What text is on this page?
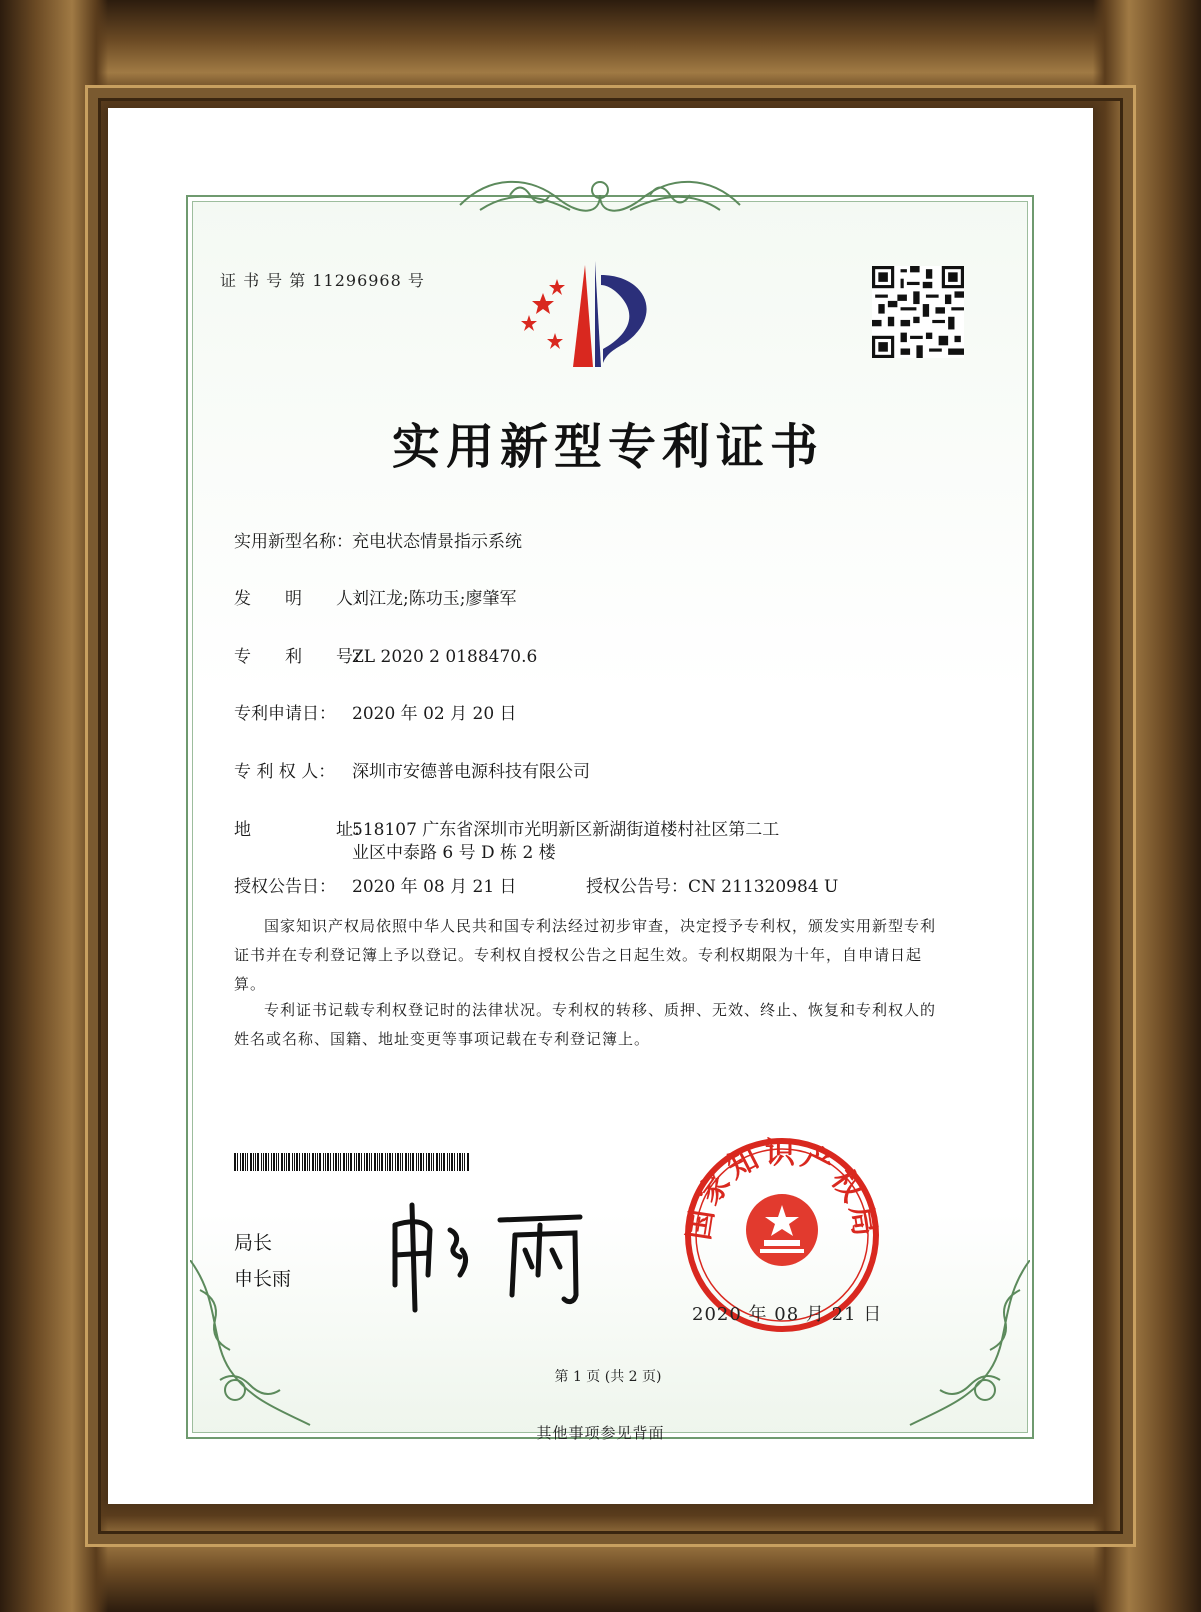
证 书 号 第 11296968 号
实用新型专利证书
实用新型名称：充电状态情景指示系统
发　　明　　人：刘江龙;陈功玉;廖肇军
专　　利　　号：ZL 2020 2 0188470.6
专利申请日： 2020 年 02 月 20 日
专 利 权 人： 深圳市安德普电源科技有限公司
地　　　　　址：518107 广东省深圳市光明新区新湖街道楼村社区第二工
业区中泰路 6 号 D 栋 2 楼
授权公告日： 2020 年 08 月 21 日	授权公告号：CN 211320984 U
国家知识产权局依照中华人民共和国专利法经过初步审查，决定授予专利权，颁发实用新型专利证书并在专利登记簿上予以登记。专利权自授权公告之日起生效。专利权期限为十年，自申请日起算。
专利证书记载专利权登记时的法律状况。专利权的转移、质押、无效、终止、恢复和专利权人的姓名或名称、国籍、地址变更等事项记载在专利登记簿上。
局长
申长雨
国家知识产权局
2020 年 08 月 21 日
第 1 页 (共 2 页)
其他事项参见背面
